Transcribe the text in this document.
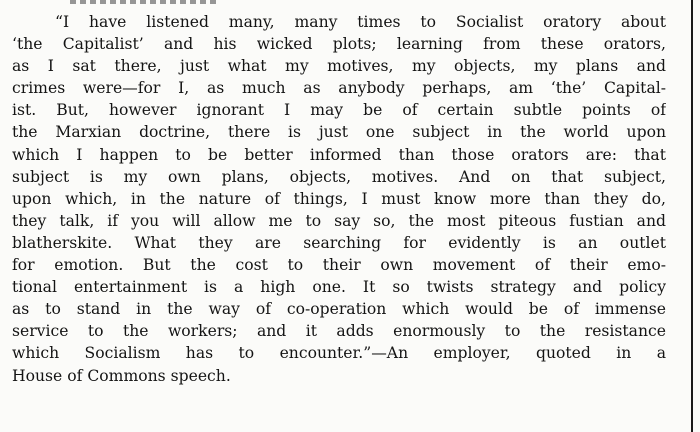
“I have listened many, many times to Socialist oratory about
‘the Capitalist’ and his wicked plots; learning from these orators,
as I sat there, just what my motives, my objects, my plans and
crimes were—for I, as much as anybody perhaps, am ‘the’ Capital-
ist. But, however ignorant I may be of certain subtle points of
the Marxian doctrine, there is just one subject in the world upon
which I happen to be better informed than those orators are: that
subject is my own plans, objects, motives. And on that subject,
upon which, in the nature of things, I must know more than they do,
they talk, if you will allow me to say so, the most piteous fustian and
blatherskite. What they are searching for evidently is an outlet
for emotion. But the cost to their own movement of their emo-
tional entertainment is a high one. It so twists strategy and policy
as to stand in the way of co-operation which would be of immense
service to the workers; and it adds enormously to the resistance
which Socialism has to encounter.”—An employer, quoted in a
House of Commons speech.
